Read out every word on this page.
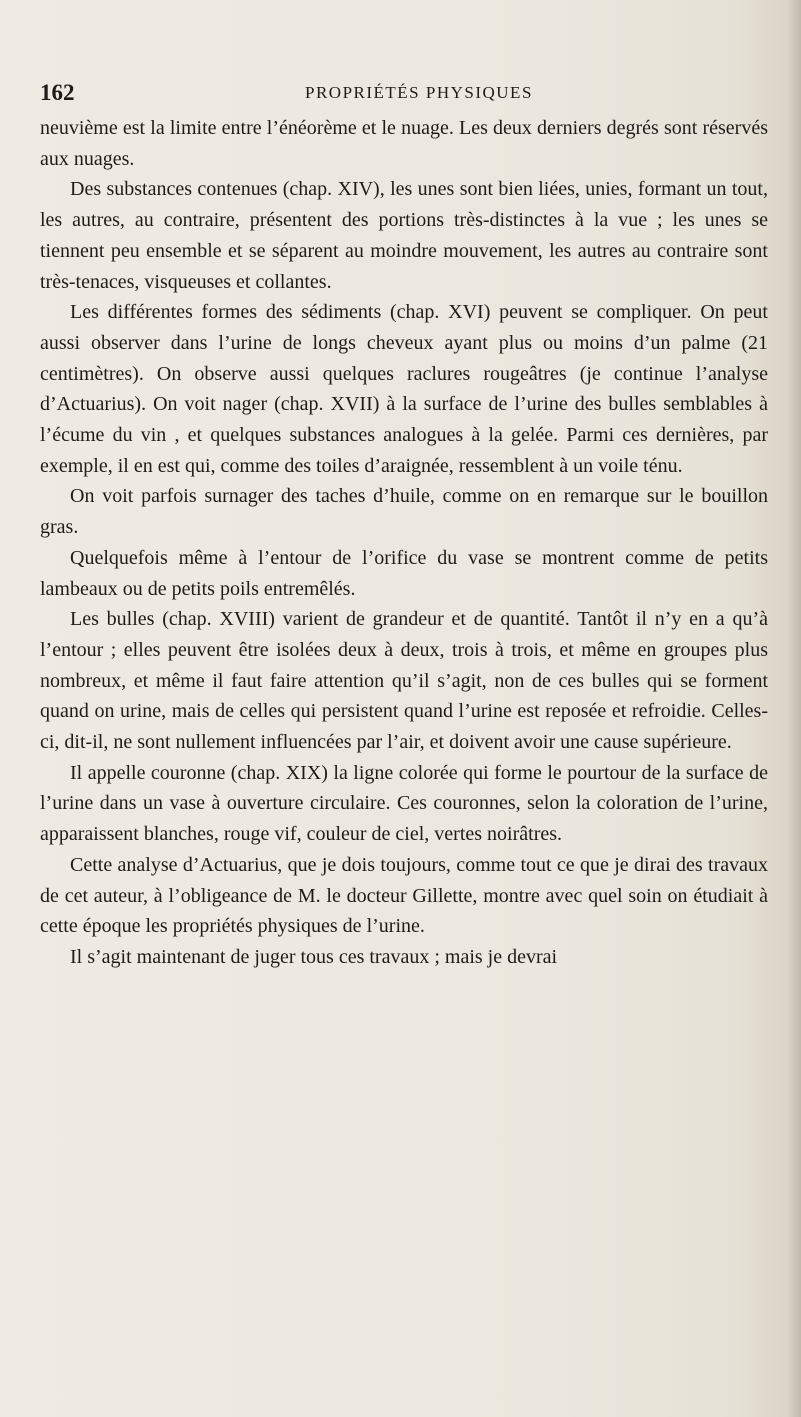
162	PROPRIÉTÉS PHYSIQUES

neuvième est la limite entre l’énéorème et le nuage. Les deux derniers degrés sont réservés aux nuages.

Des substances contenues (chap. XIV), les unes sont bien liées, unies, formant un tout, les autres, au contraire, présentent des portions très-distinctes à la vue ; les unes se tiennent peu ensemble et se séparent au moindre mouvement, les autres au contraire sont très-tenaces, visqueuses et collantes.

Les différentes formes des sédiments (chap. XVI) peuvent se compliquer. On peut aussi observer dans l’urine de longs cheveux ayant plus ou moins d’un palme (21 centimètres). On observe aussi quelques raclures rougeâtres (je continue l’analyse d’Actuarius). On voit nager (chap. XVII) à la surface de l’urine des bulles semblables à l’écume du vin , et quelques substances analogues à la gelée. Parmi ces dernières, par exemple, il en est qui, comme des toiles d’araignée, ressemblent à un voile ténu.

On voit parfois surnager des taches d’huile, comme on en remarque sur le bouillon gras.

Quelquefois même à l’entour de l’orifice du vase se montrent comme de petits lambeaux ou de petits poils entremêlés.

Les bulles (chap. XVIII) varient de grandeur et de quantité. Tantôt il n’y en a qu’à l’entour ; elles peuvent être isolées deux à deux, trois à trois, et même en groupes plus nombreux, et même il faut faire attention qu’il s’agit, non de ces bulles qui se forment quand on urine, mais de celles qui persistent quand l’urine est reposée et refroidie. Celles-ci, dit-il, ne sont nullement influencées par l’air, et doivent avoir une cause supérieure.

Il appelle couronne (chap. XIX) la ligne colorée qui forme le pourtour de la surface de l’urine dans un vase à ouverture circulaire. Ces couronnes, selon la coloration de l’urine, apparaissent blanches, rouge vif, couleur de ciel, vertes noirâtres.

Cette analyse d’Actuarius, que je dois toujours, comme tout ce que je dirai des travaux de cet auteur, à l’obligeance de M. le docteur Gillette, montre avec quel soin on étudiait à cette époque les propriétés physiques de l’urine.

Il s’agit maintenant de juger tous ces travaux ; mais je devrai
